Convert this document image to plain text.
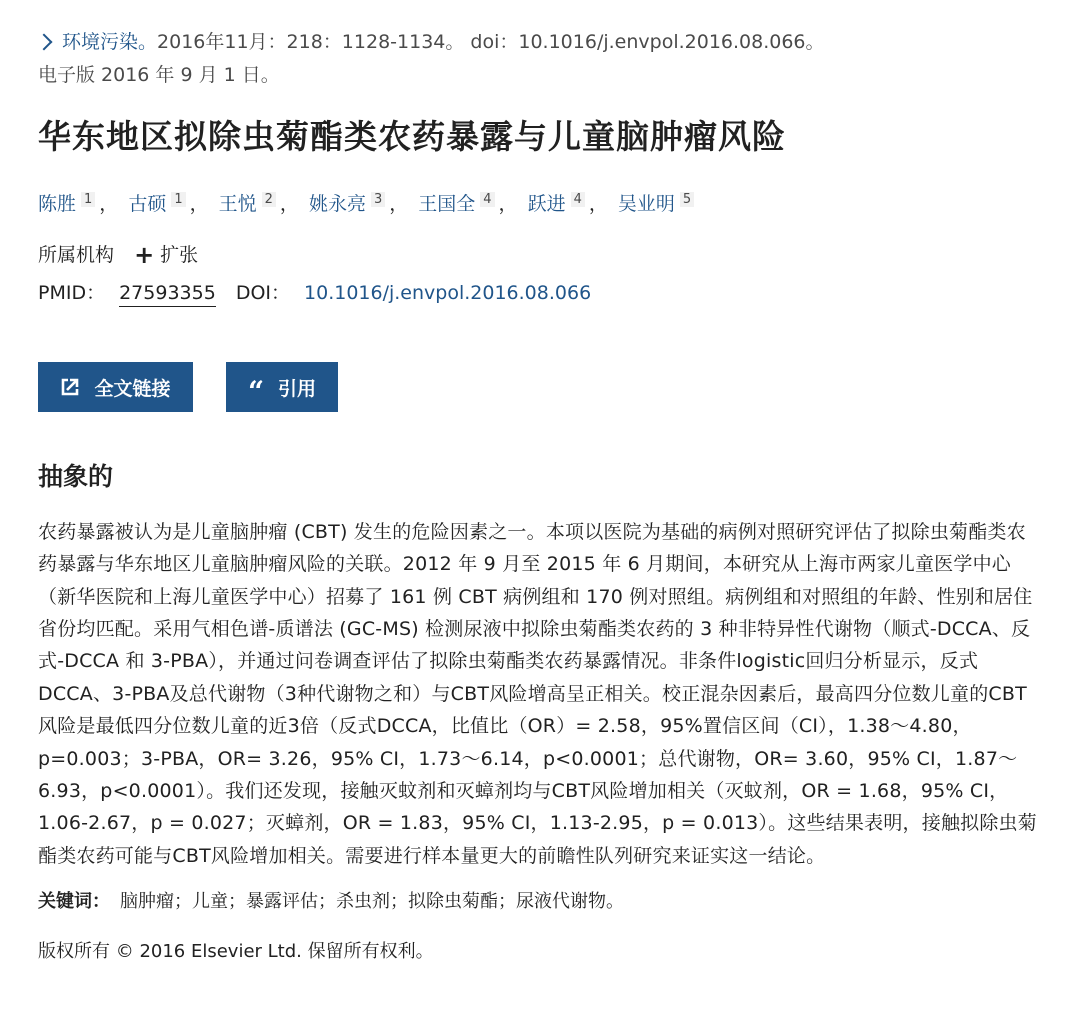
环境污染。2016年11月：218：1128-1134。 doi：10.1016/j.envpol.2016.08.066。
电子版 2016 年 9 月 1 日。
华东地区拟除虫菊酯类农药暴露与儿童脑肿瘤风险
陈胜 $^1$ ， 古硕 $^1$ ， 王悦 $^2$ ， 姚永亮 $^3$ ， 王国全 $^4$ ， 跃进 $^4$ ， 吴业明 $^5$
所属机构 + 扩张
PMID： 27593355 DOI： 10.1016/j.envpol.2016.08.066
全文链接	“ 引用
抽象的
农药暴露被认为是儿童脑肿瘤 (CBT) 发生的危险因素之一。本项以医院为基础的病例对照研究评估了拟除虫菊酯类农药暴露与华东地区儿童脑肿瘤风险的关联。2012 年 9 月至 2015 年 6 月期间，本研究从上海市两家儿童医学中心（新华医院和上海儿童医学中心）招募了 161 例 CBT 病例组和 170 例对照组。病例组和对照组的年龄、性别和居住省份均匹配。采用气相色谱-质谱法 (GC-MS) 检测尿液中拟除虫菊酯类农药的 3 种非特异性代谢物（顺式-DCCA、反式-DCCA 和 3-PBA），并通过问卷调查评估了拟除虫菊酯类农药暴露情况。非条件logistic回归分析显示，反式DCCA、3-PBA及总代谢物（3种代谢物之和）与CBT风险增高呈正相关。校正混杂因素后，最高四分位数儿童的CBT风险是最低四分位数儿童的近3倍（反式DCCA，比值比（OR）= 2.58，95%置信区间（CI），1.38～4.80，p=0.003；3-PBA，OR= 3.26，95% CI，1.73～6.14，p<0.0001；总代谢物，OR= 3.60，95% CI，1.87～6.93，p<0.0001）。我们还发现，接触灭蚊剂和灭蟑剂均与CBT风险增加相关（灭蚊剂，OR = 1.68，95% CI，1.06-2.67，p = 0.027；灭蟑剂，OR = 1.83，95% CI，1.13-2.95，p = 0.013）。这些结果表明，接触拟除虫菊酯类农药可能与CBT风险增加相关。需要进行样本量更大的前瞻性队列研究来证实这一结论。
关键词： 脑肿瘤；儿童；暴露评估；杀虫剂；拟除虫菊酯；尿液代谢物。
版权所有 © 2016 Elsevier Ltd. 保留所有权利。
